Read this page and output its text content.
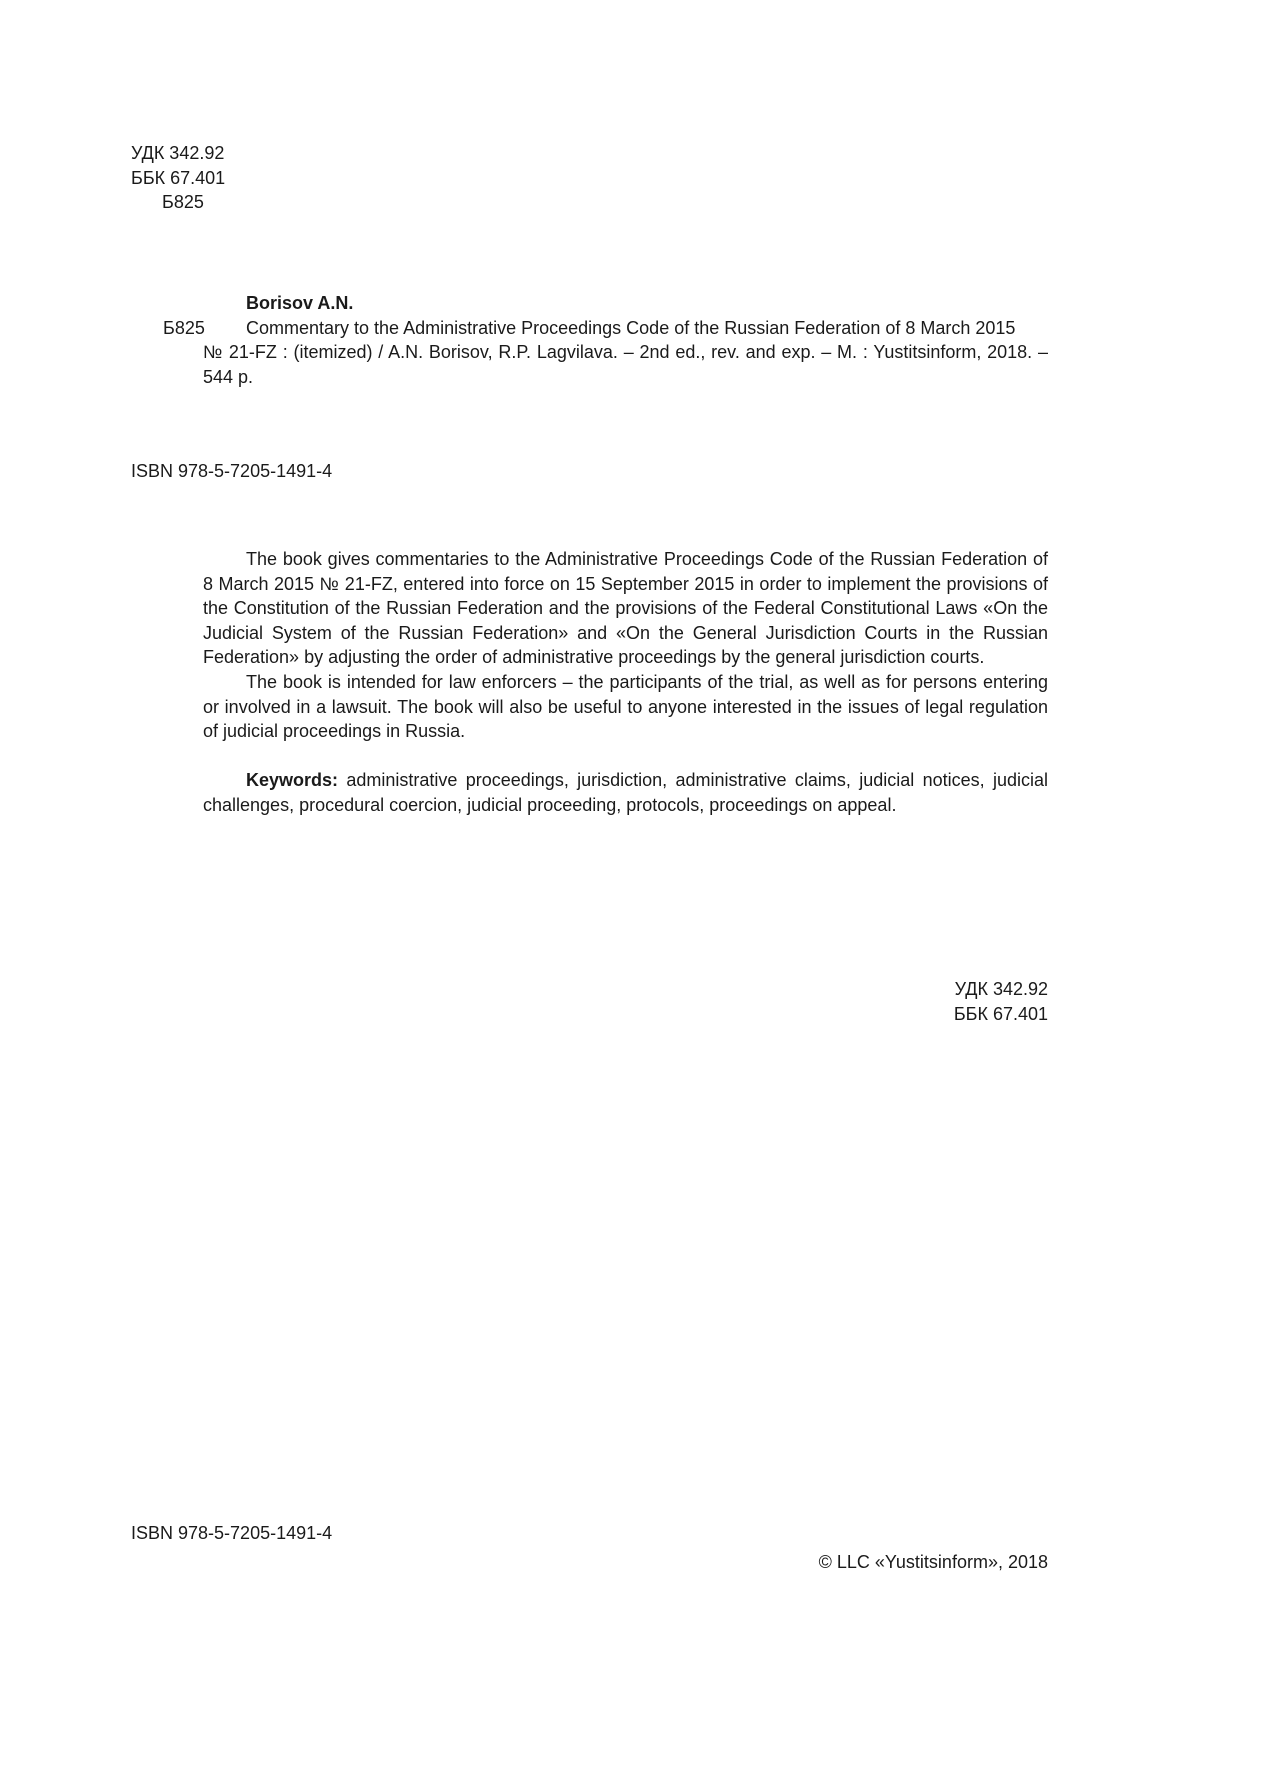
УДК 342.92
ББК 67.401
Б825
Borisov A.N.
Б825	Commentary to the Administrative Proceedings Code of the Russian Federation of 8 March 2015
№ 21-FZ : (itemized) / A.N. Borisov, R.P. Lagvilava. – 2nd ed., rev. and exp. – M. : Yustitsinform, 2018. – 544 p.
ISBN 978-5-7205-1491-4

The book gives commentaries to the Administrative Proceedings Code of the Russian Federation of 8 March 2015 № 21-FZ, entered into force on 15 September 2015 in order to implement the provisions of the Constitution of the Russian Federation and the provisions of the Federal Constitutional Laws «On the Judicial System of the Russian Federation» and «On the General Jurisdiction Courts in the Russian Federation» by adjusting the order of administrative proceedings by the general jurisdiction courts.

The book is intended for law enforcers – the participants of the trial, as well as for persons entering or involved in a lawsuit. The book will also be useful to anyone interested in the issues of legal regulation of judicial proceedings in Russia.

Keywords: administrative proceedings, jurisdiction, administrative claims, judicial notices, judicial challenges, procedural coercion, judicial proceeding, protocols, proceedings on appeal.

УДК 342.92
ББК 67.401
ISBN 978-5-7205-1491-4
© LLC «Yustitsinform», 2018
